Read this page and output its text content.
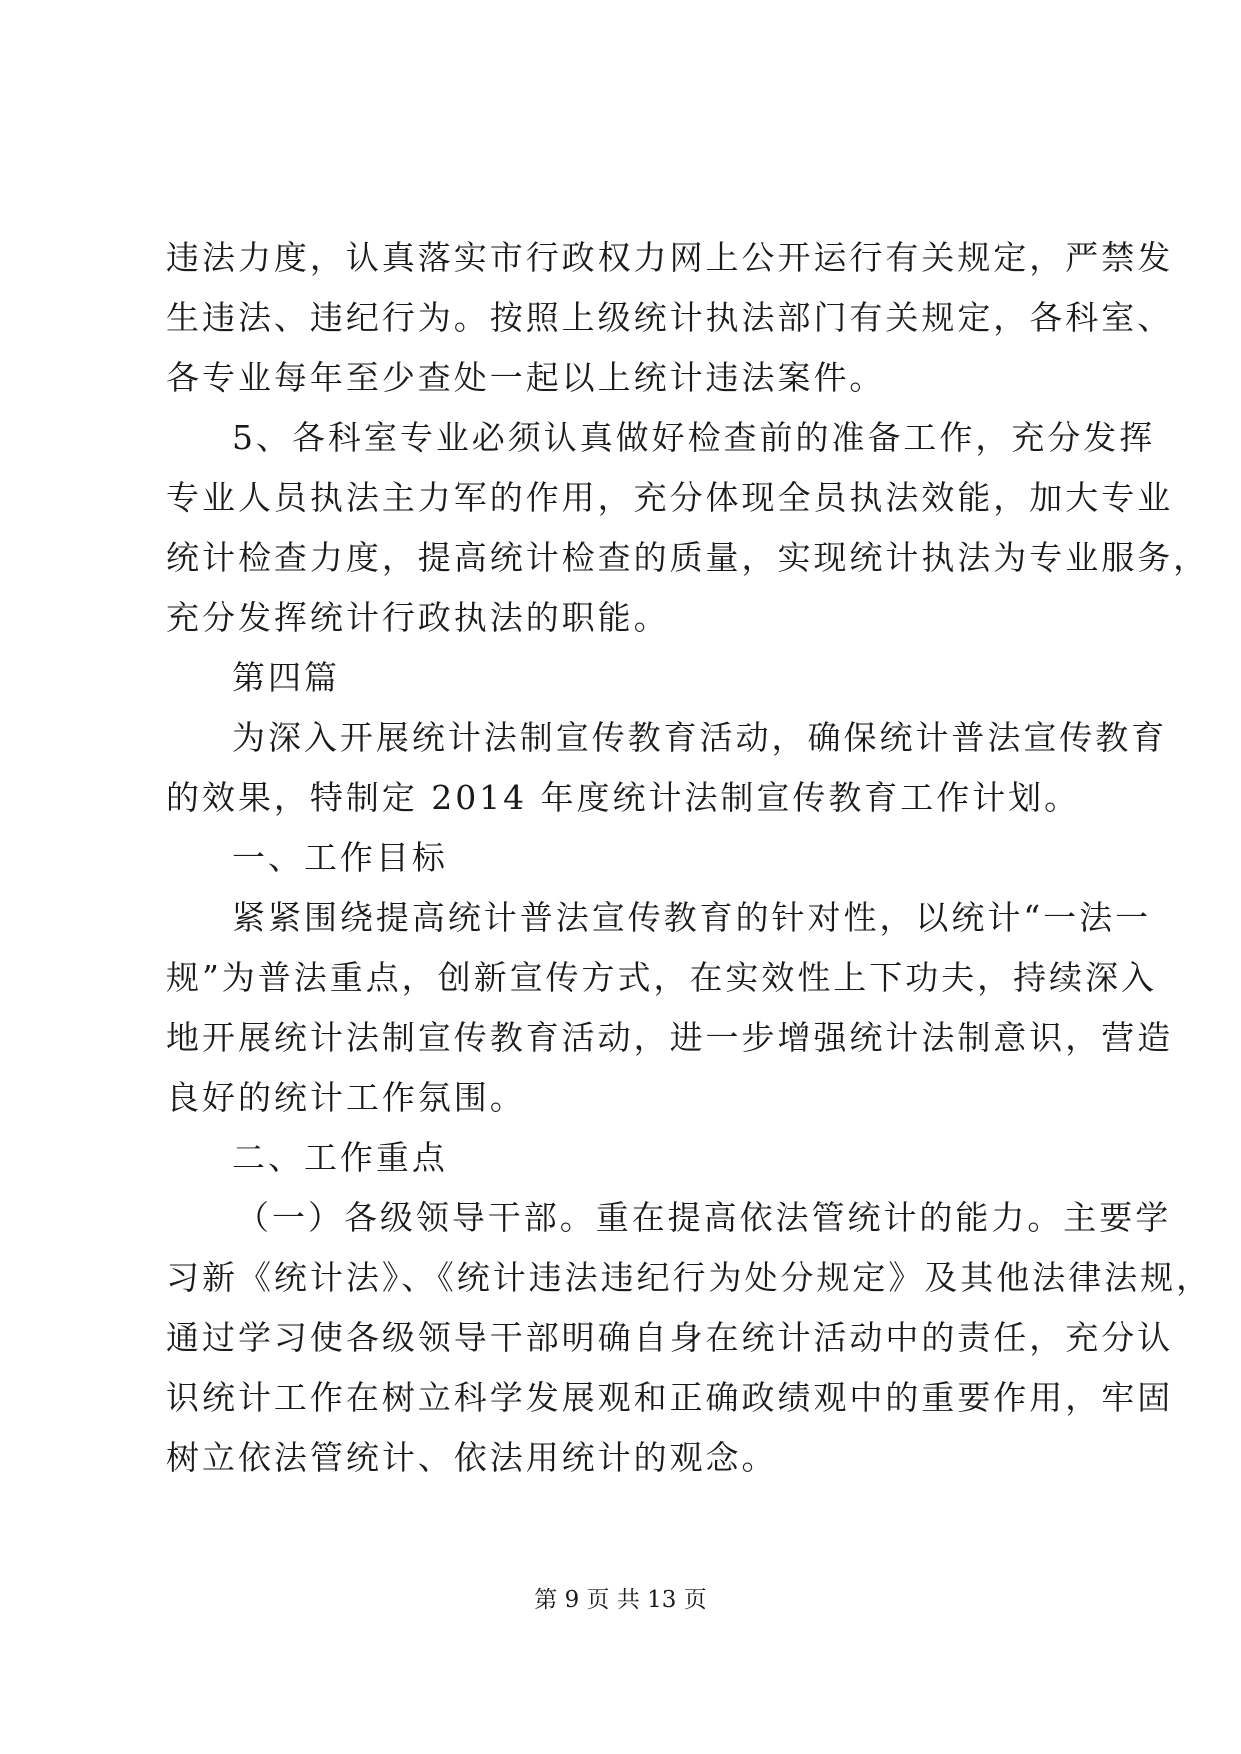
违法力度，认真落实市行政权力网上公开运行有关规定，严禁发
生违法、违纪行为。按照上级统计执法部门有关规定，各科室、
各专业每年至少查处一起以上统计违法案件。
5、各科室专业必须认真做好检查前的准备工作，充分发挥
专业人员执法主力军的作用，充分体现全员执法效能，加大专业
统计检查力度，提高统计检查的质量，实现统计执法为专业服务，
充分发挥统计行政执法的职能。
第四篇
为深入开展统计法制宣传教育活动，确保统计普法宣传教育
的效果，特制定 2014 年度统计法制宣传教育工作计划。
一、工作目标
紧紧围绕提高统计普法宣传教育的针对性，以统计“一法一
规”为普法重点，创新宣传方式，在实效性上下功夫，持续深入
地开展统计法制宣传教育活动，进一步增强统计法制意识，营造
良好的统计工作氛围。
二、工作重点
（一）各级领导干部。重在提高依法管统计的能力。主要学
习新《统计法》、《统计违法违纪行为处分规定》及其他法律法规，
通过学习使各级领导干部明确自身在统计活动中的责任，充分认
识统计工作在树立科学发展观和正确政绩观中的重要作用，牢固
树立依法管统计、依法用统计的观念。
第 9 页 共 13 页
